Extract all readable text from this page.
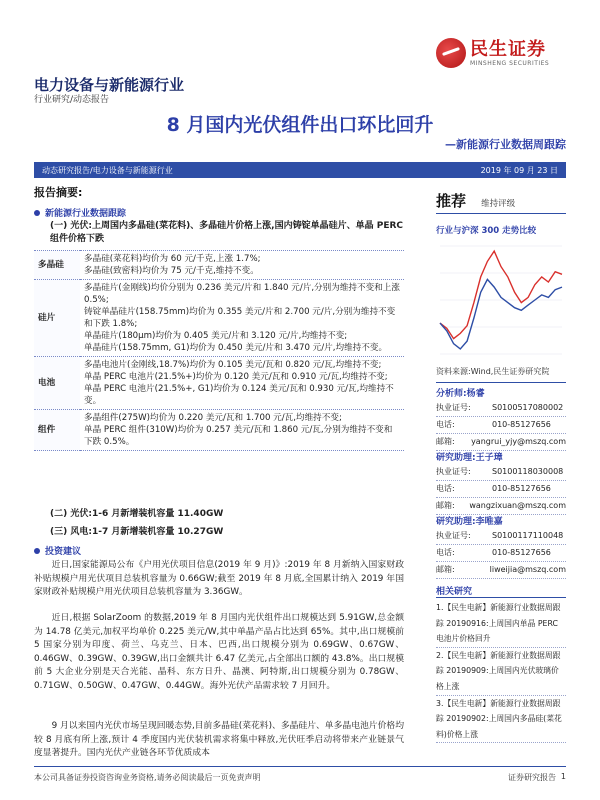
民生证券
MINSHENG SECURITIES
电力设备与新能源行业
行业研究/动态报告
8 月国内光伏组件出口环比回升
—新能源行业数据周跟踪
动态研究报告/电力设备与新能源行业	2019 年 09 月 23 日
报告摘要:
新能源行业数据跟踪
(一) 光伏:上周国内多晶硅(菜花料)、多晶硅片价格上涨,国内铸锭单晶硅片、单晶 PERC 组件价格下跌
多晶硅	多晶硅(菜花料)均价为 60 元/千克,上涨 1.7%;
多晶硅(致密料)均价为 75 元/千克,维持不变。

硅片	多晶硅片(金刚线)均价分别为 0.236 美元/片和 1.840 元/片,分别为维持不变和上涨 0.5%;
铸锭单晶硅片(158.75mm)均价为 0.355 美元/片和 2.700 元/片,分别为维持不变和下跌 1.8%;
单晶硅片(180μm)均价为 0.405 美元/片和 3.120 元/片,均维持不变;
单晶硅片(158.75mm, G1)均价为 0.450 美元/片和 3.470 元/片,均维持不变。

电池	多晶电池片(金刚线,18.7%)均价为 0.105 美元/瓦和 0.820 元/瓦,均维持不变;
单晶 PERC 电池片(21.5%+)均价为 0.120 美元/瓦和 0.910 元/瓦,均维持不变;
单晶 PERC 电池片(21.5%+, G1)均价为 0.124 美元/瓦和 0.930 元/瓦,均维持不变。

组件	多晶组件(275W)均价为 0.220 美元/瓦和 1.700 元/瓦,均维持不变;
单晶 PERC 组件(310W)均价为 0.257 美元/瓦和 1.860 元/瓦,分别为维持不变和下跌 0.5%。
(二) 光伏:1-6 月新增装机容量 11.40GW
(三) 风电:1-7 月新增装机容量 10.27GW
投资建议
近日,国家能源局公布《户用光伏项目信息(2019 年 9 月)》:2019 年 8 月新纳入国家财政补贴规模户用光伏项目总装机容量为 0.66GW;截至 2019 年 8 月底,全国累计纳入 2019 年国家财政补贴规模户用光伏项目总装机容量为 3.36GW。
近日,根据 SolarZoom 的数据,2019 年 8 月国内光伏组件出口规模达到 5.91GW,总金额为 14.78 亿美元,加权平均单价 0.225 美元/W,其中单晶产品占比达到 65%。其中,出口规模前 5 国家分别为印度、荷兰、乌克兰、日本、巴西,出口规模分别为 0.69GW、0.67GW、0.46GW、0.39GW、0.39GW,出口金额共计 6.47 亿美元,占全部出口额的 43.8%。出口规模前 5 大企业分别是天合光能、晶科、东方日升、晶澳、阿特斯,出口规模分别为 0.78GW、0.71GW、0.50GW、0.47GW、0.44GW。海外光伏产品需求较 7 月回升。
9 月以来国内光伏市场呈现回暖态势,目前多晶硅(菜花料)、多晶硅片、单多晶电池片价格均较 8 月底有所上涨,预计 4 季度国内光伏装机需求将集中释放,光伏旺季启动将带来产业链景气度显著提升。国内光伏产业链各环节优质成本
推荐 维持评级
行业与沪深 300 走势比较
资料来源:Wind,民生证券研究院
分析师:杨睿
执业证号:	S0100517080002
电话:	010-85127656
邮箱:	yangrui_yjy@mszq.com
研究助理:王子璋
执业证号:	S0100118030008
电话:	010-85127656
邮箱:	wangzixuan@mszq.com
研究助理:李唯嘉
执业证号:	S0100117110048
电话:	010-85127656
邮箱:	liweijia@mszq.com
相关研究
1.【民生电新】新能源行业数据周跟踪 20190916:上周国内单晶 PERC 电池片价格回升
2.【民生电新】新能源行业数据周跟踪 20190909:上周国内光伏玻璃价格上涨
3.【民生电新】新能源行业数据周跟踪 20190902:上周国内多晶硅(菜花料)价格上涨
本公司具备证券投资咨询业务资格,请务必阅读最后一页免责声明	证券研究报告 1
